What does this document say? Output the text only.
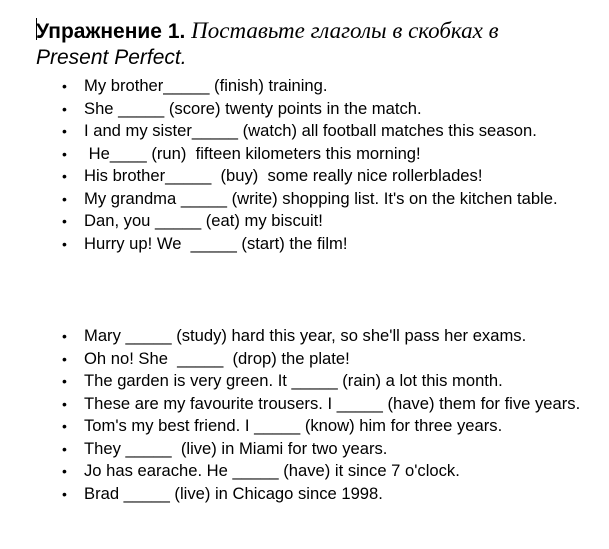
Упражнение 1. Поставьте глаголы в скобках в
Present Perfect.
• My brother_____ (finish) training.
• She _____ (score) twenty points in the match.
• I and my sister_____ (watch) all football matches this season.
• He____ (run)  fifteen kilometers this morning!
• His brother_____  (buy)  some really nice rollerblades!
• My grandma _____ (write) shopping list. It's on the kitchen table.
• Dan, you _____ (eat) my biscuit!
• Hurry up! We  _____ (start) the film!
• Mary _____ (study) hard this year, so she'll pass her exams.
• Oh no! She  _____  (drop) the plate!
• The garden is very green. It _____ (rain) a lot this month.
• These are my favourite trousers. I _____ (have) them for five years.
• Tom's my best friend. I _____ (know) him for three years.
• They _____  (live) in Miami for two years.
• Jo has earache. He _____ (have) it since 7 o'clock.
• Brad _____ (live) in Chicago since 1998.
